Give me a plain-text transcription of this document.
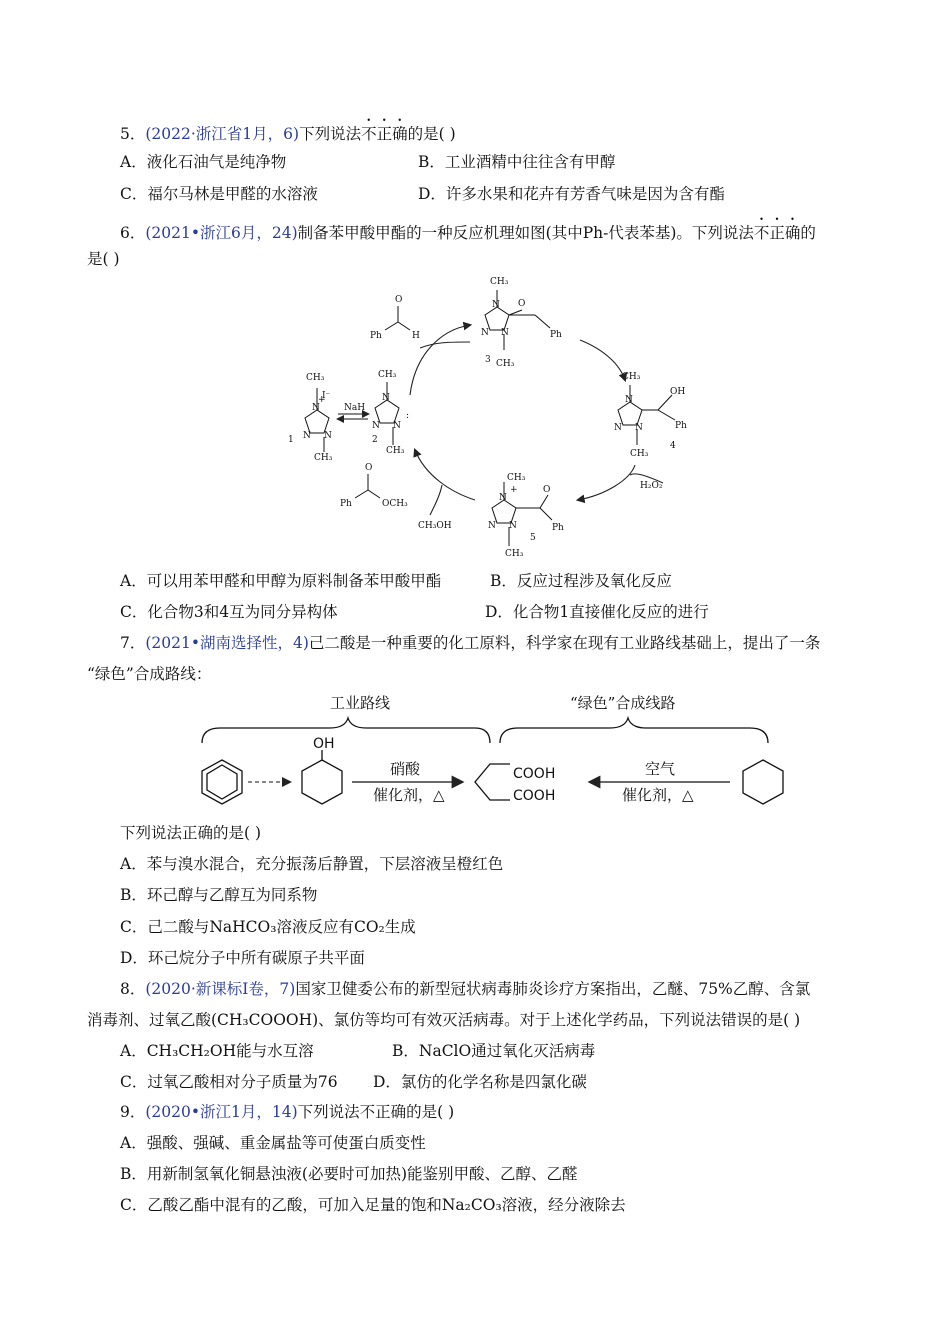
5．(2022·浙江省1月，6)下列说法不正确的是( )
A．液化石油气是纯净物	B．工业酒精中往往含有甲醇
C．福尔马林是甲醛的水溶液	D．许多水果和花卉有芳香气味是因为含有酯
6．(2021•浙江6月，24)制备苯甲酸甲酯的一种反应机理如图(其中Ph-代表苯基)。下列说法不正确的
是( )
CH₃
N
+
I⁻
N N
CH₃
1
NaH
CH₃
N
:
N N
CH₃
2
O
Ph	H
CH₃
N
N N
CH₃
3
O
Ph
CH₃
N
N N
CH₃
OH
Ph
4
H₂O₂
CH₃
N
+
N N
CH₃
5
O
Ph
O
Ph	OCH₃
CH₃OH
A．可以用苯甲醛和甲醇为原料制备苯甲酸甲酯	B．反应过程涉及氧化反应
C．化合物3和4互为同分异构体	D．化合物1直接催化反应的进行
7．(2021•湖南选择性，4)己二酸是一种重要的化工原料，科学家在现有工业路线基础上，提出了一条
“绿色”合成路线：
工业路线	“绿色”合成线路
OH
硝酸
催化剂，△
COOH
COOH
空气
催化剂，△
下列说法正确的是( )
A．苯与溴水混合，充分振荡后静置，下层溶液呈橙红色
B．环己醇与乙醇互为同系物
C．己二酸与NaHCO₃溶液反应有CO₂生成
D．环己烷分子中所有碳原子共平面
8．(2020·新课标Ⅰ卷，7)国家卫健委公布的新型冠状病毒肺炎诊疗方案指出，乙醚、75%乙醇、含氯
消毒剂、过氧乙酸(CH₃COOOH)、氯仿等均可有效灭活病毒。对于上述化学药品，下列说法错误的是( )
A．CH₃CH₂OH能与水互溶	B．NaClO通过氧化灭活病毒
C．过氧乙酸相对分子质量为76 D．氯仿的化学名称是四氯化碳
9．(2020•浙江1月，14)下列说法不正确的是( )
A．强酸、强碱、重金属盐等可使蛋白质变性
B．用新制氢氧化铜悬浊液(必要时可加热)能鉴别甲酸、乙醇、乙醛
C．乙酸乙酯中混有的乙酸，可加入足量的饱和Na₂CO₃溶液，经分液除去
